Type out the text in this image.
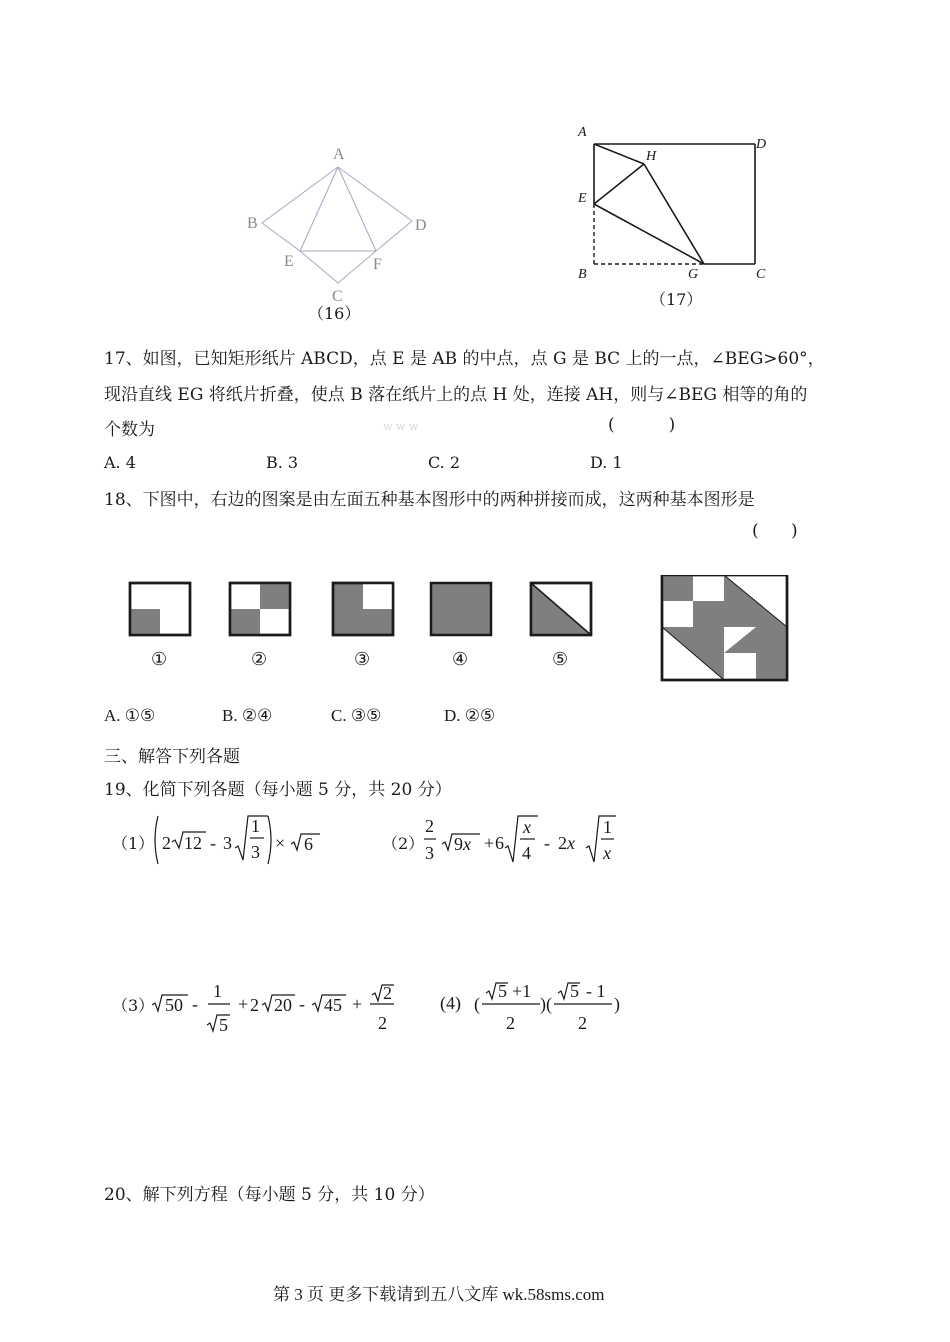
A
B	D
E	F
C
（16）
A
D
H
E
B	G	C
（17）
17、如图，已知矩形纸片 ABCD，点 E 是 AB 的中点，点 G 是 BC 上的一点，∠BEG>60°，
现沿直线 EG 将纸片折叠，使点 B 落在纸片上的点 H 处，连接 AH，则与∠BEG 相等的角的
个数为	w w w	(          )
A. 4	B. 3	C. 2	D. 1
18、下图中，右边的图案是由左面五种基本图形中的两种拼接而成，这两种基本图形是
(      )
①	②	③	④	⑤
A. ①⑤	B. ②④	C. ③⑤	D. ②⑤
三、解答下列各题
19、化简下列各题（每小题 5 分，共 20 分）
（1） 2 12 - 3
1
3 × 6	（2）
2
3 9x + 6
x
4 - 2x
1
x
（3） 50 -
1
5
+ 2 20 - 45 +
2
2
(4) (
5 +1
2
)(
5 - 1
2
)
20、解下列方程（每小题 5 分，共 10 分）
第 3 页 更多下载请到五八文库 wk.58sms.com
